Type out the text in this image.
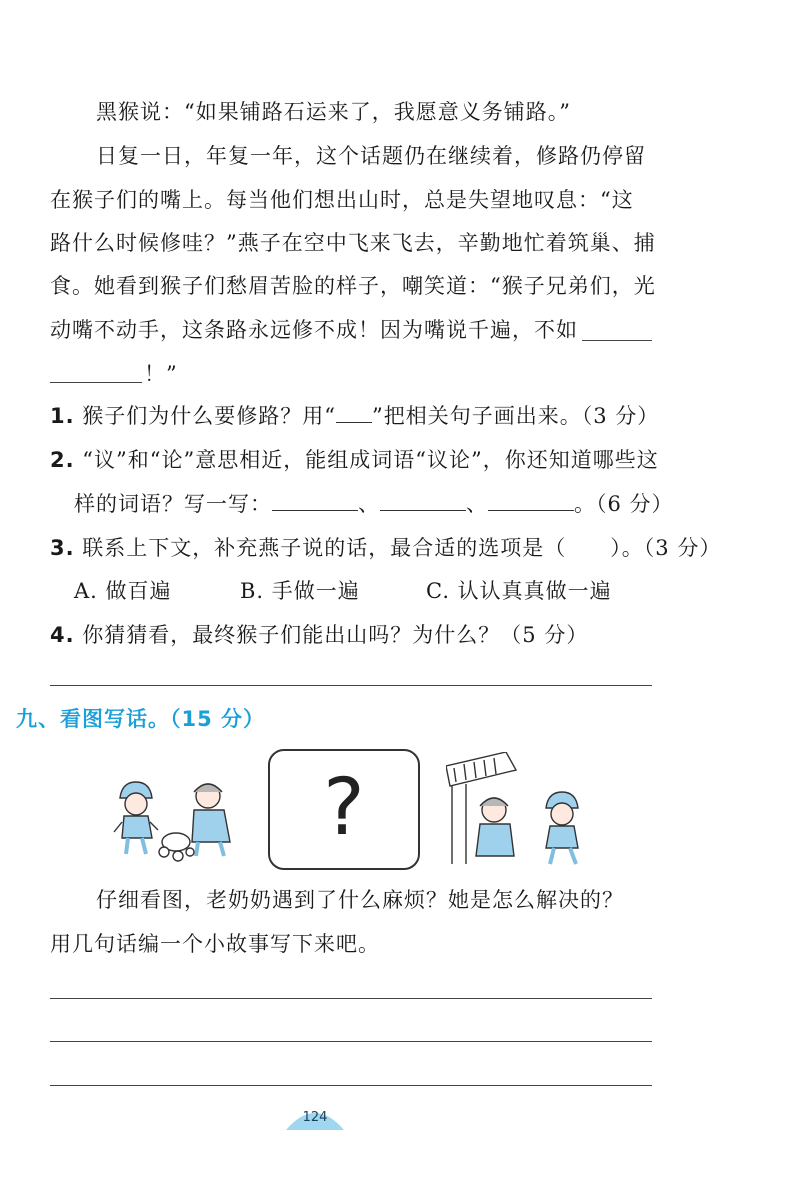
黑猴说：“如果铺路石运来了，我愿意义务铺路。”
日复一日，年复一年，这个话题仍在继续着，修路仍停留
在猴子们的嘴上。每当他们想出山时，总是失望地叹息：“这
路什么时候修哇？”燕子在空中飞来飞去，辛勤地忙着筑巢、捕
食。她看到猴子们愁眉苦脸的样子，嘲笑道：“猴子兄弟们，光
动嘴不动手，这条路永远修不成！因为嘴说千遍，不如
！”
1. 猴子们为什么要修路？用“ ”把相关句子画出来。（3 分）
2. “议”和“论”意思相近，能组成词语“议论”，你还知道哪些这
样的词语？写一写：	、	、	。（6 分）
3. 联系上下文，补充燕子说的话，最合适的选项是（　　）。（3 分）
A. 做百遍	B. 手做一遍	C. 认认真真做一遍
4. 你猜猜看，最终猴子们能出山吗？为什么？（5 分）
九、看图写话。（15 分）
?
仔细看图，老奶奶遇到了什么麻烦？她是怎么解决的？
用几句话编一个小故事写下来吧。
124
